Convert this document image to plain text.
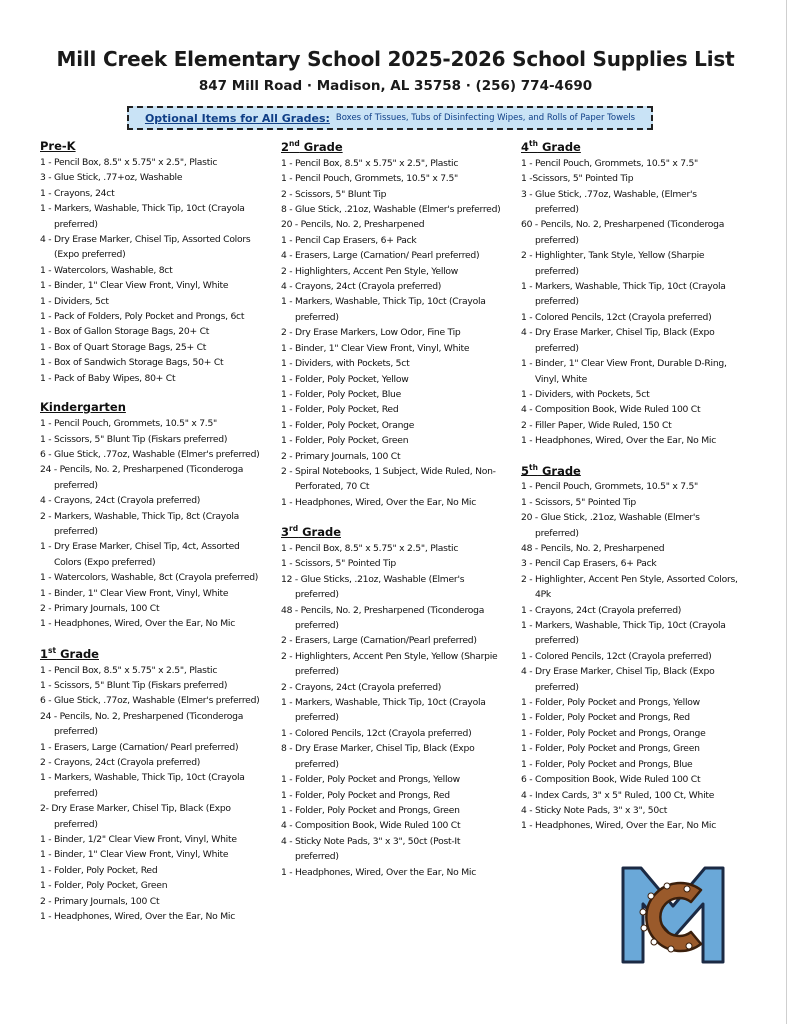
Mill Creek Elementary School 2025-2026 School Supplies List
847 Mill Road · Madison, AL 35758 · (256) 774-4690
Optional Items for All Grades: Boxes of Tissues, Tubs of Disinfecting Wipes, and Rolls of Paper Towels
Pre-K
1 - Pencil Box, 8.5" x 5.75" x 2.5", Plastic
3 - Glue Stick, .77+oz, Washable
1 - Crayons, 24ct
1 - Markers, Washable, Thick Tip, 10ct (Crayola preferred)
4 - Dry Erase Marker, Chisel Tip, Assorted Colors (Expo preferred)
1 - Watercolors, Washable, 8ct
1 - Binder, 1" Clear View Front, Vinyl, White
1 - Dividers, 5ct
1 - Pack of Folders, Poly Pocket and Prongs, 6ct
1 - Box of Gallon Storage Bags, 20+ Ct
1 - Box of Quart Storage Bags, 25+ Ct
1 - Box of Sandwich Storage Bags, 50+ Ct
1 - Pack of Baby Wipes, 80+ Ct
Kindergarten
1 - Pencil Pouch, Grommets, 10.5" x 7.5"
1 - Scissors, 5" Blunt Tip (Fiskars preferred)
6 - Glue Stick, .77oz, Washable (Elmer's preferred)
24 - Pencils, No. 2, Presharpened (Ticonderoga preferred)
4 - Crayons, 24ct (Crayola preferred)
2 - Markers, Washable, Thick Tip, 8ct (Crayola preferred)
1 - Dry Erase Marker, Chisel Tip, 4ct, Assorted Colors (Expo preferred)
1 - Watercolors, Washable, 8ct (Crayola preferred)
1 - Binder, 1" Clear View Front, Vinyl, White
2 - Primary Journals, 100 Ct
1 - Headphones, Wired, Over the Ear, No Mic
1st Grade
1 - Pencil Box, 8.5" x 5.75" x 2.5", Plastic
1 - Scissors, 5" Blunt Tip (Fiskars preferred)
6 - Glue Stick, .77oz, Washable (Elmer's preferred)
24 - Pencils, No. 2, Presharpened (Ticonderoga preferred)
1 - Erasers, Large (Carnation/ Pearl preferred)
2 - Crayons, 24ct (Crayola preferred)
1 - Markers, Washable, Thick Tip, 10ct (Crayola preferred)
2- Dry Erase Marker, Chisel Tip, Black (Expo preferred)
1 - Binder, 1/2" Clear View Front, Vinyl, White
1 - Binder, 1" Clear View Front, Vinyl, White
1 - Folder, Poly Pocket, Red
1 - Folder, Poly Pocket, Green
2 - Primary Journals, 100 Ct
1 - Headphones, Wired, Over the Ear, No Mic
2nd Grade
1 - Pencil Box, 8.5" x 5.75" x 2.5", Plastic
1 - Pencil Pouch, Grommets, 10.5" x 7.5"
2 - Scissors, 5" Blunt Tip
8 - Glue Stick, .21oz, Washable (Elmer's preferred)
20 - Pencils, No. 2, Presharpened
1 - Pencil Cap Erasers, 6+ Pack
4 - Erasers, Large (Carnation/ Pearl preferred)
2 - Highlighters, Accent Pen Style, Yellow
4 - Crayons, 24ct (Crayola preferred)
1 - Markers, Washable, Thick Tip, 10ct (Crayola preferred)
2 - Dry Erase Markers, Low Odor, Fine Tip
1 - Binder, 1" Clear View Front, Vinyl, White
1 - Dividers, with Pockets, 5ct
1 - Folder, Poly Pocket, Yellow
1 - Folder, Poly Pocket, Blue
1 - Folder, Poly Pocket, Red
1 - Folder, Poly Pocket, Orange
1 - Folder, Poly Pocket, Green
2 - Primary Journals, 100 Ct
2 - Spiral Notebooks, 1 Subject, Wide Ruled, Non-Perforated, 70 Ct
1 - Headphones, Wired, Over the Ear, No Mic
3rd Grade
1 - Pencil Box, 8.5" x 5.75" x 2.5", Plastic
1 - Scissors, 5" Pointed Tip
12 - Glue Sticks, .21oz, Washable (Elmer's preferred)
48 - Pencils, No. 2, Presharpened (Ticonderoga preferred)
2 - Erasers, Large (Carnation/Pearl preferred)
2 - Highlighters, Accent Pen Style, Yellow (Sharpie preferred)
2 - Crayons, 24ct (Crayola preferred)
1 - Markers, Washable, Thick Tip, 10ct (Crayola preferred)
1 - Colored Pencils, 12ct (Crayola preferred)
8 - Dry Erase Marker, Chisel Tip, Black (Expo preferred)
1 - Folder, Poly Pocket and Prongs, Yellow
1 - Folder, Poly Pocket and Prongs, Red
1 - Folder, Poly Pocket and Prongs, Green
4 - Composition Book, Wide Ruled 100 Ct
4 - Sticky Note Pads, 3" x 3", 50ct (Post-It preferred)
1 - Headphones, Wired, Over the Ear, No Mic
4th Grade
1 - Pencil Pouch, Grommets, 10.5" x 7.5"
1 -Scissors, 5" Pointed Tip
3 - Glue Stick, .77oz, Washable, (Elmer's preferred)
60 - Pencils, No. 2, Presharpened (Ticonderoga preferred)
2 - Highlighter, Tank Style, Yellow (Sharpie preferred)
1 - Markers, Washable, Thick Tip, 10ct (Crayola preferred)
1 - Colored Pencils, 12ct (Crayola preferred)
4 - Dry Erase Marker, Chisel Tip, Black (Expo preferred)
1 - Binder, 1" Clear View Front, Durable D-Ring, Vinyl, White
1 - Dividers, with Pockets, 5ct
4 - Composition Book, Wide Ruled 100 Ct
2 - Filler Paper, Wide Ruled, 150 Ct
1 - Headphones, Wired, Over the Ear, No Mic
5th Grade
1 - Pencil Pouch, Grommets, 10.5" x 7.5"
1 - Scissors, 5" Pointed Tip
20 - Glue Stick, .21oz, Washable (Elmer's preferred)
48 - Pencils, No. 2, Presharpened
3 - Pencil Cap Erasers, 6+ Pack
2 - Highlighter, Accent Pen Style, Assorted Colors, 4Pk
1 - Crayons, 24ct (Crayola preferred)
1 - Markers, Washable, Thick Tip, 10ct (Crayola preferred)
1 - Colored Pencils, 12ct (Crayola preferred)
4 - Dry Erase Marker, Chisel Tip, Black (Expo preferred)
1 - Folder, Poly Pocket and Prongs, Yellow
1 - Folder, Poly Pocket and Prongs, Red
1 - Folder, Poly Pocket and Prongs, Orange
1 - Folder, Poly Pocket and Prongs, Green
1 - Folder, Poly Pocket and Prongs, Blue
6 - Composition Book, Wide Ruled 100 Ct
4 - Index Cards, 3" x 5" Ruled, 100 Ct, White
4 - Sticky Note Pads, 3" x 3", 50ct
1 - Headphones, Wired, Over the Ear, No Mic
